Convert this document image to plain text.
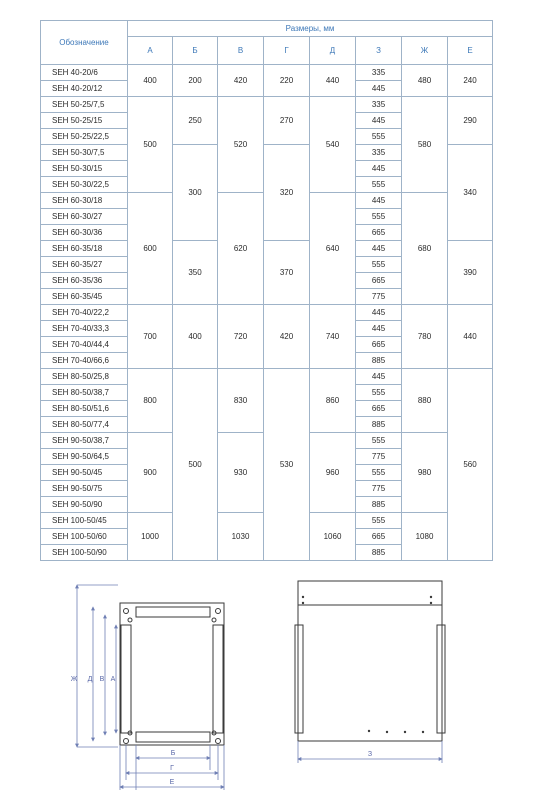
Обозначение	Размеры, мм							
	А	Б	В	Г	Д	З	Ж	Е
SEH 40-20/6	400	200	420	220	440	335	480	240
SEH 40-20/12						445		
SEH 50-25/7,5	500	250	520	270	540	335	580	290
SEH 50-25/15						445		
SEH 50-25/22,5						555		
SEH 50-30/7,5		300		320		335		340
SEH 50-30/15						445		
SEH 50-30/22,5						555		
SEH 60-30/18	600		620		640	445	680	
SEH 60-30/27						555		
SEH 60-30/36						665		
SEH 60-35/18		350		370		445		390
SEH 60-35/27						555		
SEH 60-35/36						665		
SEH 60-35/45						775		
SEH 70-40/22,2	700	400	720	420	740	445	780	440
SEH 70-40/33,3						445		
SEH 70-40/44,4						665		
SEH 70-40/66,6						885		
SEH 80-50/25,8	800	500	830	530	860	445	880	560
SEH 80-50/38,7						555		
SEH 80-50/51,6						665		
SEH 80-50/77,4						885		
SEH 90-50/38,7	900		930		960	555	980	
SEH 90-50/64,5						775		
SEH 90-50/45						555		
SEH 90-50/75						775		
SEH 90-50/90						885		
SEH 100-50/45	1000		1030		1060	555	1080	
SEH 100-50/60						665		
SEH 100-50/90						885		
Ж Д В А
Б
Г
Е
З
